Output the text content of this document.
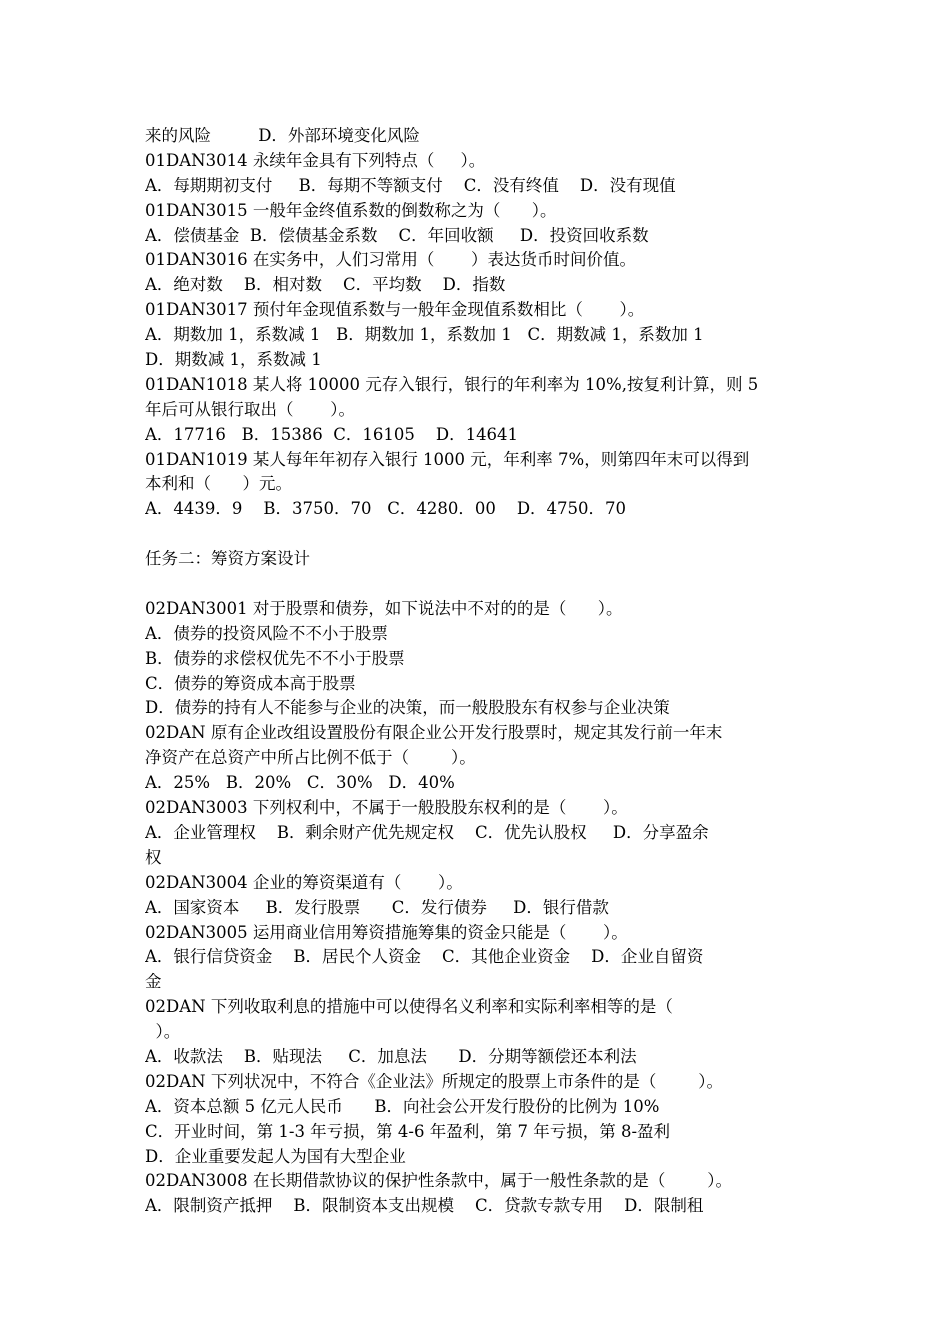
来的风险         D．外部环境变化风险
01DAN3014 永续年金具有下列特点（     ）。
A．每期期初支付     B．每期不等额支付    C．没有终值    D．没有现值
01DAN3015 一般年金终值系数的倒数称之为（      ）。
A．偿债基金  B．偿债基金系数    C．年回收额     D．投资回收系数
01DAN3016 在实务中，人们习常用（       ）表达货币时间价值。
A．绝对数    B．相对数    C．平均数    D．指数
01DAN3017 预付年金现值系数与一般年金现值系数相比（       ）。
A．期数加 1，系数减 1   B．期数加 1，系数加 1   C．期数减 1，系数加 1
D．期数减 1，系数减 1
01DAN1018 某人将 10000 元存入银行，银行的年利率为 10%,按复利计算，则 5
年后可从银行取出（       ）。
A．17716   B．15386  C．16105    D．14641
01DAN1019 某人每年年初存入银行 1000 元，年利率 7%，则第四年末可以得到
本利和（      ）元。
A．4439．9    B．3750．70   C．4280．00    D．4750．70
任务二：筹资方案设计
02DAN3001 对于股票和债券，如下说法中不对的的是（      ）。
A．债券的投资风险不不小于股票
B．债券的求偿权优先不不小于股票
C．债券的筹资成本高于股票
D．债券的持有人不能参与企业的决策，而一般股股东有权参与企业决策
02DAN 原有企业改组设置股份有限企业公开发行股票时，规定其发行前一年末
净资产在总资产中所占比例不低于（        ）。
A．25%   B．20%   C．30%   D．40%
02DAN3003 下列权利中，不属于一般股股东权利的是（       ）。
A．企业管理权    B．剩余财产优先规定权    C．优先认股权     D．分享盈余
权
02DAN3004 企业的筹资渠道有（       ）。
A．国家资本     B．发行股票      C．发行债券     D．银行借款
02DAN3005 运用商业信用筹资措施筹集的资金只能是（       ）。
A．银行信贷资金    B．居民个人资金    C．其他企业资金    D．企业自留资
金
02DAN 下列收取利息的措施中可以使得名义利率和实际利率相等的是（
）。
A．收款法    B．贴现法     C．加息法      D．分期等额偿还本利法
02DAN 下列状况中，不符合《企业法》所规定的股票上市条件的是（        ）。
A．资本总额 5 亿元人民币      B．向社会公开发行股份的比例为 10%
C．开业时间，第 1-3 年亏损，第 4-6 年盈利，第 7 年亏损，第 8-盈利
D．企业重要发起人为国有大型企业
02DAN3008 在长期借款协议的保护性条款中，属于一般性条款的是（        ）。
A．限制资产抵押    B．限制资本支出规模    C．贷款专款专用    D．限制租
